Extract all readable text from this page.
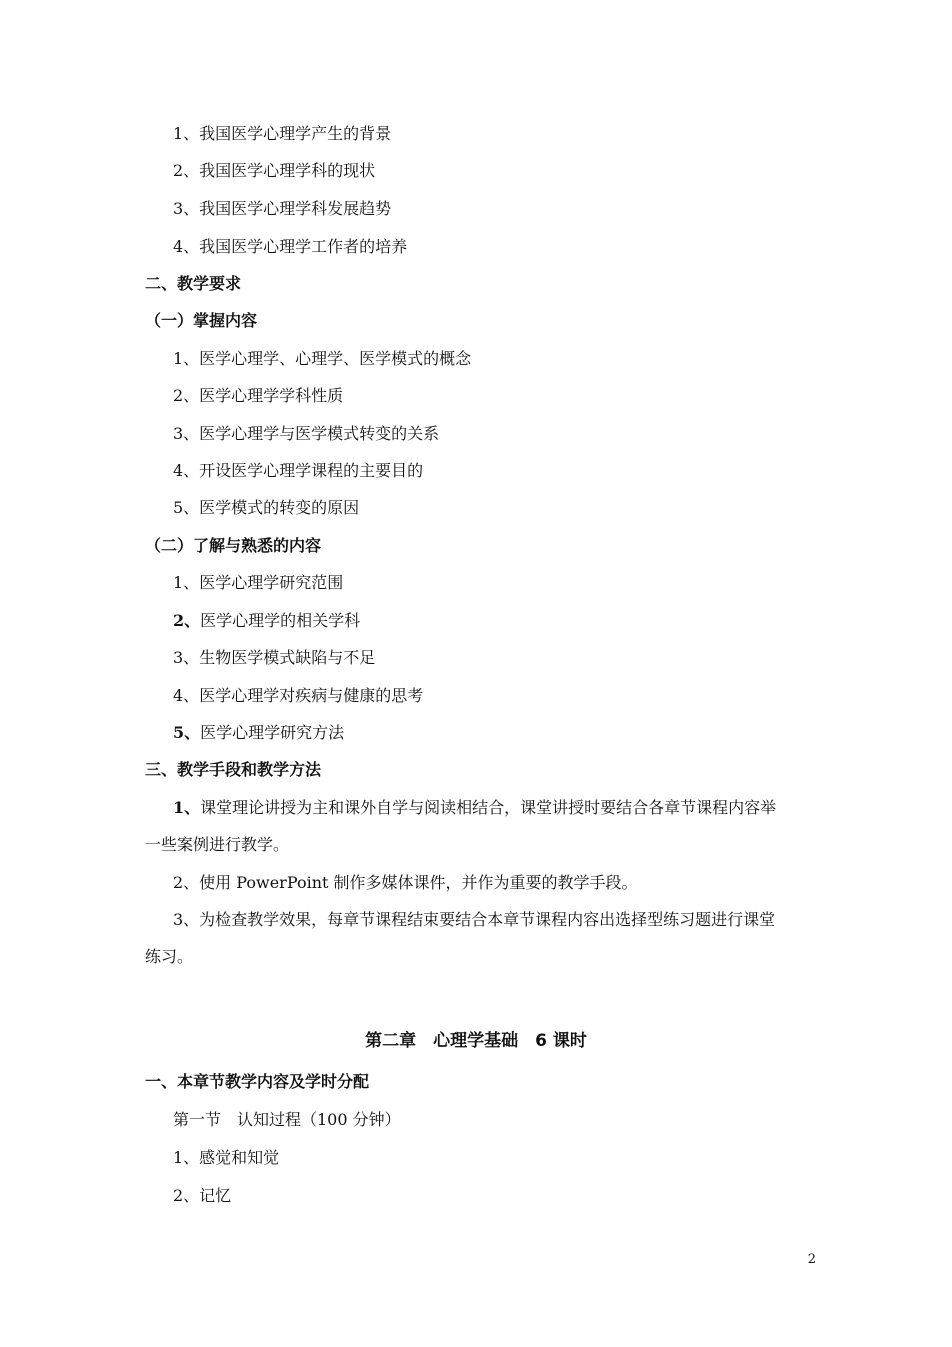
1、我国医学心理学产生的背景
2、我国医学心理学科的现状
3、我国医学心理学科发展趋势
4、我国医学心理学工作者的培养
二、教学要求
（一）掌握内容
1、医学心理学、心理学、医学模式的概念
2、医学心理学学科性质
3、医学心理学与医学模式转变的关系
4、开设医学心理学课程的主要目的
5、医学模式的转变的原因
（二）了解与熟悉的内容
1、医学心理学研究范围
2、医学心理学的相关学科
3、生物医学模式缺陷与不足
4、医学心理学对疾病与健康的思考
5、医学心理学研究方法
三、教学手段和教学方法
1、课堂理论讲授为主和课外自学与阅读相结合，课堂讲授时要结合各章节课程内容举
一些案例进行教学。
2、使用 PowerPoint 制作多媒体课件，并作为重要的教学手段。
3、为检查教学效果，每章节课程结束要结合本章节课程内容出选择型练习题进行课堂
练习。
第二章　心理学基础　6 课时
一、本章节教学内容及学时分配
第一节　认知过程（100 分钟）
1、感觉和知觉
2、记忆
2
